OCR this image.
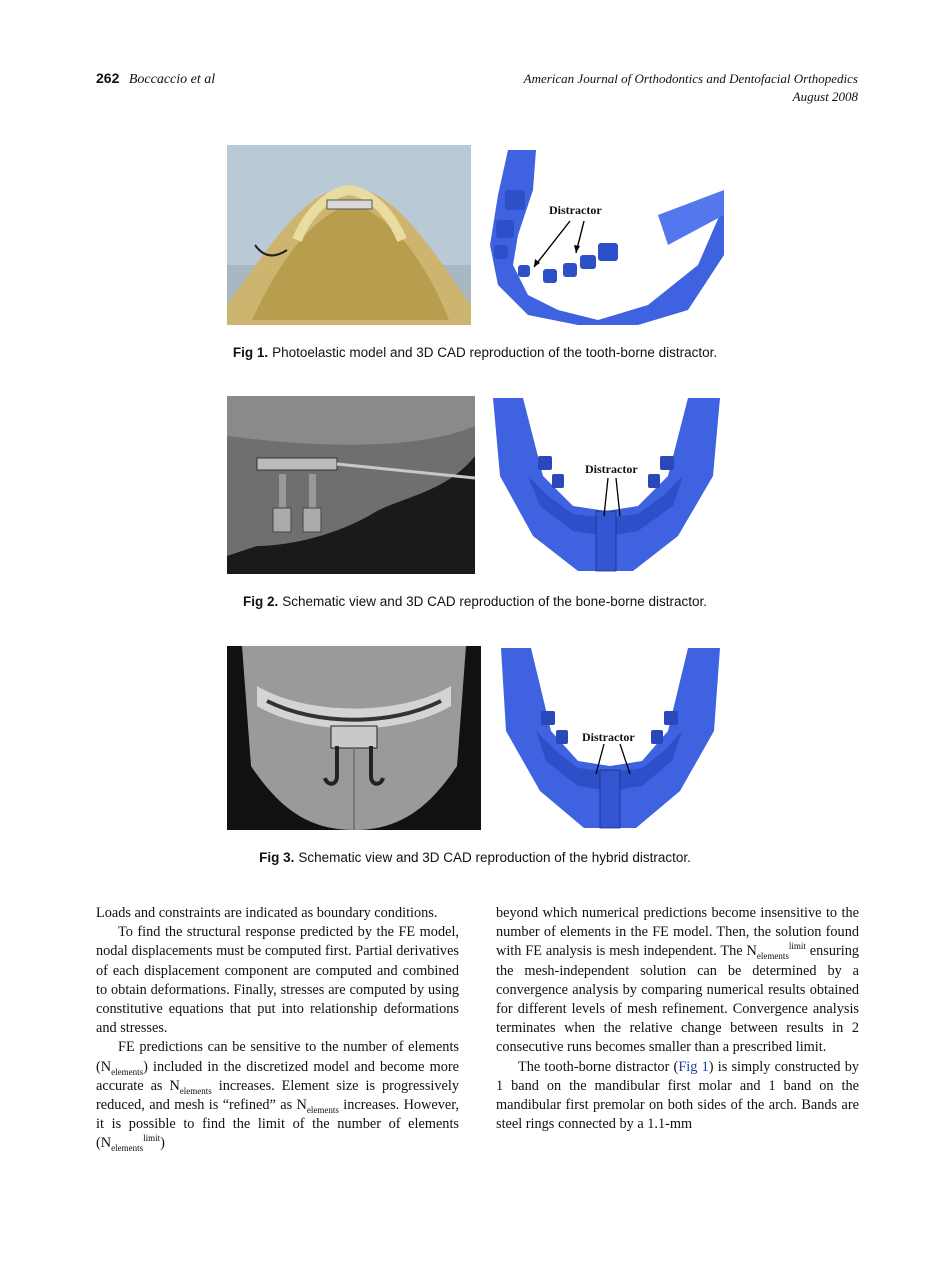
262 Boccaccio et al	American Journal of Orthodontics and Dentofacial Orthopedics
August 2008
Distractor
Fig 1. Photoelastic model and 3D CAD reproduction of the tooth-borne distractor.
Distractor
Fig 2. Schematic view and 3D CAD reproduction of the bone-borne distractor.
Distractor
Fig 3. Schematic view and 3D CAD reproduction of the hybrid distractor.

Loads and constraints are indicated as boundary conditions.

To find the structural response predicted by the FE model, nodal displacements must be computed first. Partial derivatives of each displacement component are computed and combined to obtain deformations. Finally, stresses are computed by using constitutive equations that put into relationship deformations and stresses.

FE predictions can be sensitive to the number of elements $(N_{elements})$ included in the discretized model and become more accurate as $N_{elements}$ increases. Element size is progressively reduced, and mesh is “refined” as $N_{elements}$ increases. However, it is possible to find the limit of the number of elements $(N_{elements}^{limit})$

beyond which numerical predictions become insensitive to the number of elements in the FE model. Then, the solution found with FE analysis is mesh independent. The $N_{elements}^{limit}$ ensuring the mesh-independent solution can be determined by a convergence analysis by comparing numerical results obtained for different levels of mesh refinement. Convergence analysis terminates when the relative change between results in 2 consecutive runs becomes smaller than a prescribed limit.

The tooth-borne distractor (Fig 1) is simply constructed by 1 band on the mandibular first molar and 1 band on the mandibular first premolar on both sides of the arch. Bands are steel rings connected by a 1.1-mm
